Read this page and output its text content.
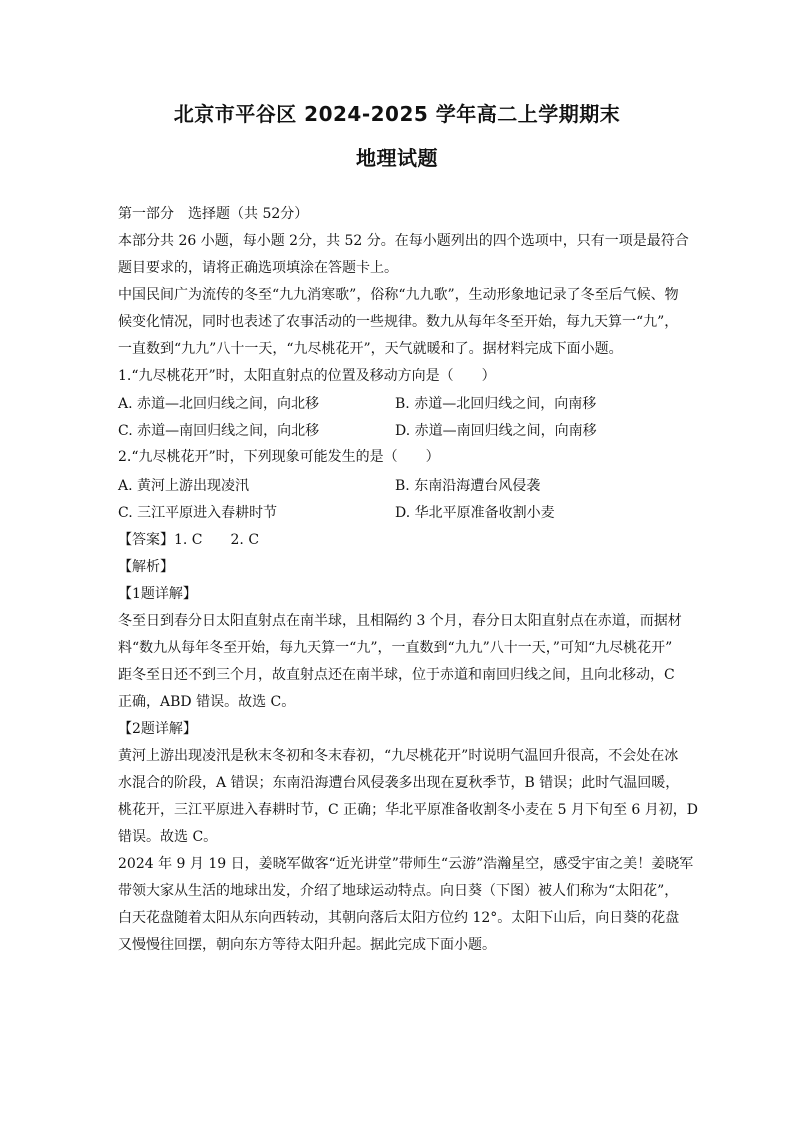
北京市平谷区 2024-2025 学年高二上学期期末
地理试题
第一部分　选择题（共 52分）
本部分共 26 小题，每小题 2分，共 52 分。在每小题列出的四个选项中，只有一项是最符合
题目要求的，请将正确选项填涂在答题卡上。
中国民间广为流传的冬至“九九消寒歌”，俗称“九九歌”，生动形象地记录了冬至后气候、物
候变化情况，同时也表述了农事活动的一些规律。数九从每年冬至开始，每九天算一“九”，
一直数到“九九”八十一天，“九尽桃花开”，天气就暖和了。据材料完成下面小题。
1.“九尽桃花开”时，太阳直射点的位置及移动方向是（　　）
A. 赤道—北回归线之间，向北移	B. 赤道—北回归线之间，向南移
C. 赤道—南回归线之间，向北移	D. 赤道—南回归线之间，向南移
2.“九尽桃花开”时，下列现象可能发生的是（　　）
A. 黄河上游出现凌汛	B. 东南沿海遭台风侵袭
C. 三江平原进入春耕时节	D. 华北平原准备收割小麦
【答案】1. C　　2. C
【解析】
【1题详解】
冬至日到春分日太阳直射点在南半球，且相隔约 3 个月，春分日太阳直射点在赤道，而据材
料“数九从每年冬至开始，每九天算一“九”，一直数到“九九”八十一天，”可知“九尽桃花开”
距冬至日还不到三个月，故直射点还在南半球，位于赤道和南回归线之间，且向北移动，C
正确，ABD 错误。故选 C。
【2题详解】
黄河上游出现凌汛是秋末冬初和冬末春初，“九尽桃花开”时说明气温回升很高，不会处在冰
水混合的阶段，A 错误；东南沿海遭台风侵袭多出现在夏秋季节，B 错误；此时气温回暖，
桃花开，三江平原进入春耕时节，C 正确；华北平原准备收割冬小麦在 5 月下旬至 6 月初，D
错误。故选 C。
2024 年 9 月 19 日，姜晓军做客“近光讲堂”带师生“云游”浩瀚星空，感受宇宙之美！姜晓军
带领大家从生活的地球出发，介绍了地球运动特点。向日葵（下图）被人们称为“太阳花”，
白天花盘随着太阳从东向西转动，其朝向落后太阳方位约 12°。太阳下山后，向日葵的花盘
又慢慢往回摆，朝向东方等待太阳升起。据此完成下面小题。
